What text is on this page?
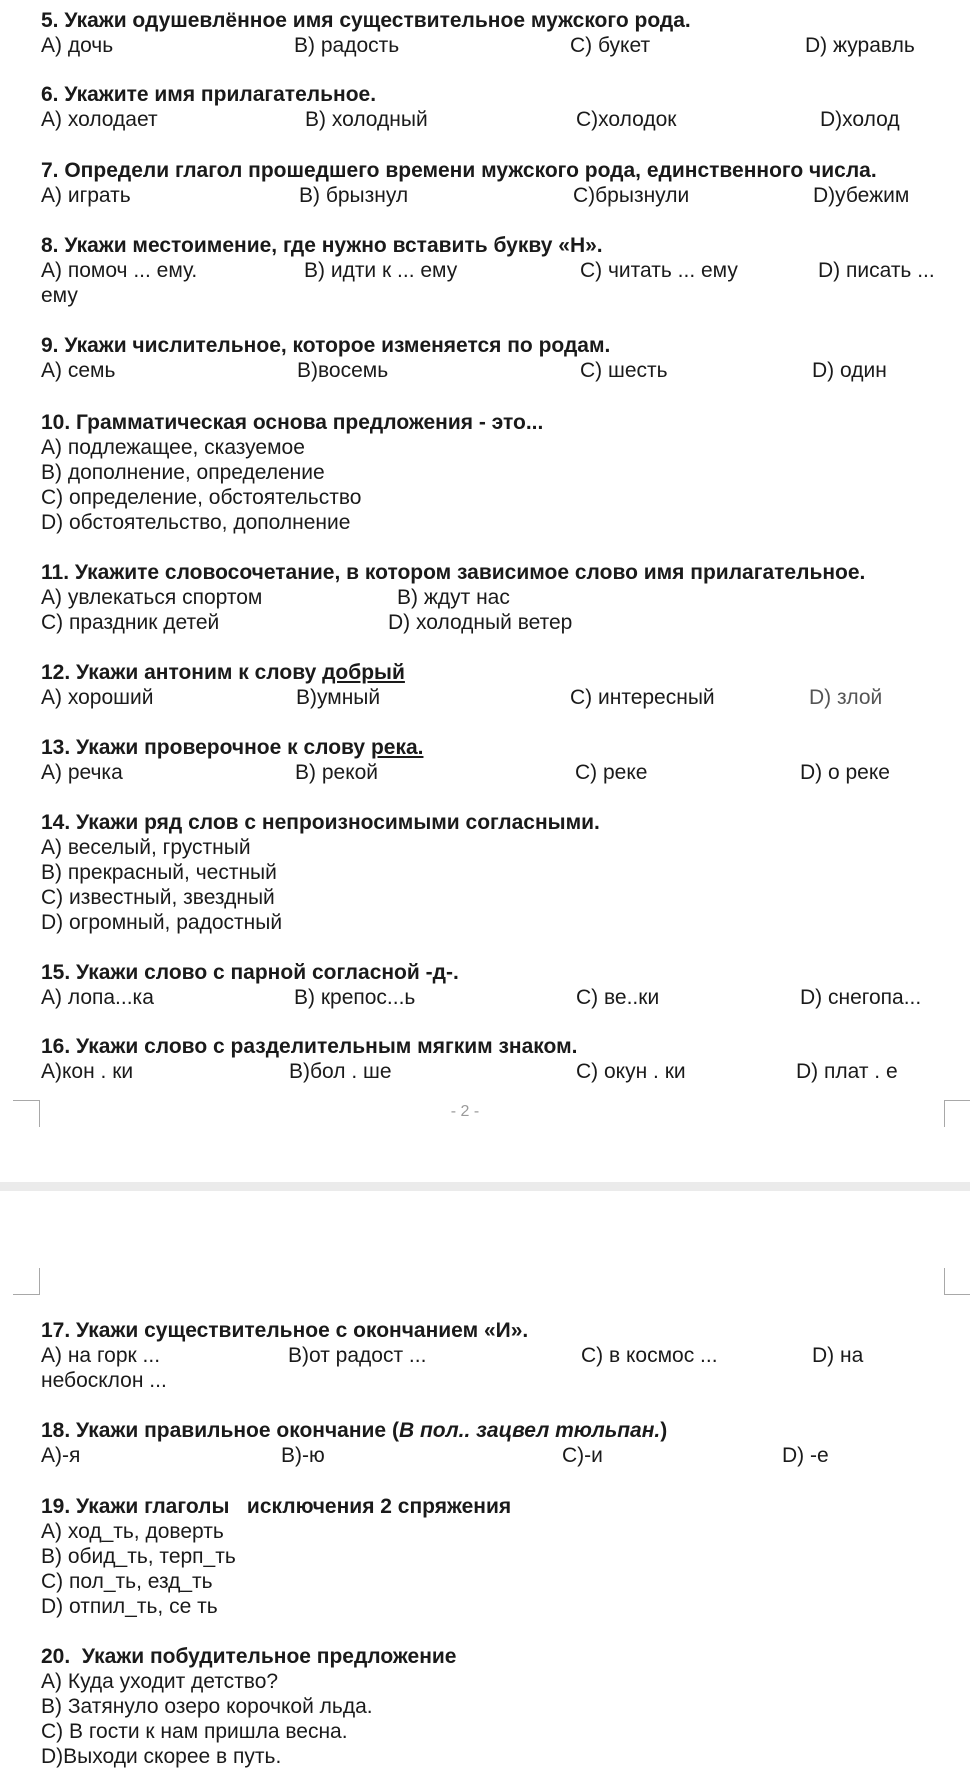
5. Укажи одушевлённое имя существительное мужского рода.
A) дочь	B) радость	C) букет	D) журавль
6. Укажите имя прилагательное.
A) холодает	B) холодный	C)холодок	D)холод
7. Определи глагол прошедшего времени мужского рода, единственного числа.
A) играть	B) брызнул	C)брызнули	D)убежим
8. Укажи местоимение, где нужно вставить букву «Н».
A) помоч ... ему.	B) идти к ... ему	C) читать ... ему	D) писать ...
ему
9. Укажи числительное, которое изменяется по родам.
A) семь	B)восемь	C) шесть	D) один
10. Грамматическая основа предложения - это...
A) подлежащее, сказуемое
B) дополнение, определение
C) определение, обстоятельство
D) обстоятельство, дополнение
11. Укажите словосочетание, в котором зависимое слово имя прилагательное.
A) увлекаться спортом	B) ждут нас
C) праздник детей	D) холодный ветер
12. Укажи антоним к слову добрый
A) хороший	B)умный	C) интересный	D) злой
13. Укажи проверочное к слову река.
A) речка	B) рекой	C) реке	D) о реке
14. Укажи ряд слов с непроизносимыми согласными.
A) веселый, грустный
B) прекрасный, честный
C) известный, звездный
D) огромный, радостный
15. Укажи слово с парной согласной -д-.
A) лопа...ка	B) крепос...ь	C) ве..ки	D) снегопа...
16. Укажи слово с разделительным мягким знаком.
A)кон . ки	B)бол . ше	C) окун . ки	D) плат . е
- 2 -
17. Укажи существительное с окончанием «И».
A) на горк ...	B)от радост ...	C) в космос ...	D) на
небосклон ...
18. Укажи правильное окончание (В пол.. зацвел тюльпан.)
A)-я	B)-ю	C)-и	D) -е
19. Укажи глаголы   исключения 2 спряжения
A) ход_ть, доверть
B) обид_ть, терп_ть
C) пол_ть, езд_ть
D) отпил_ть, се ть
20.  Укажи побудительное предложение
A) Куда уходит детство?
B) Затянуло озеро корочкой льда.
C) В гости к нам пришла весна.
D)Выходи скорее в путь.
